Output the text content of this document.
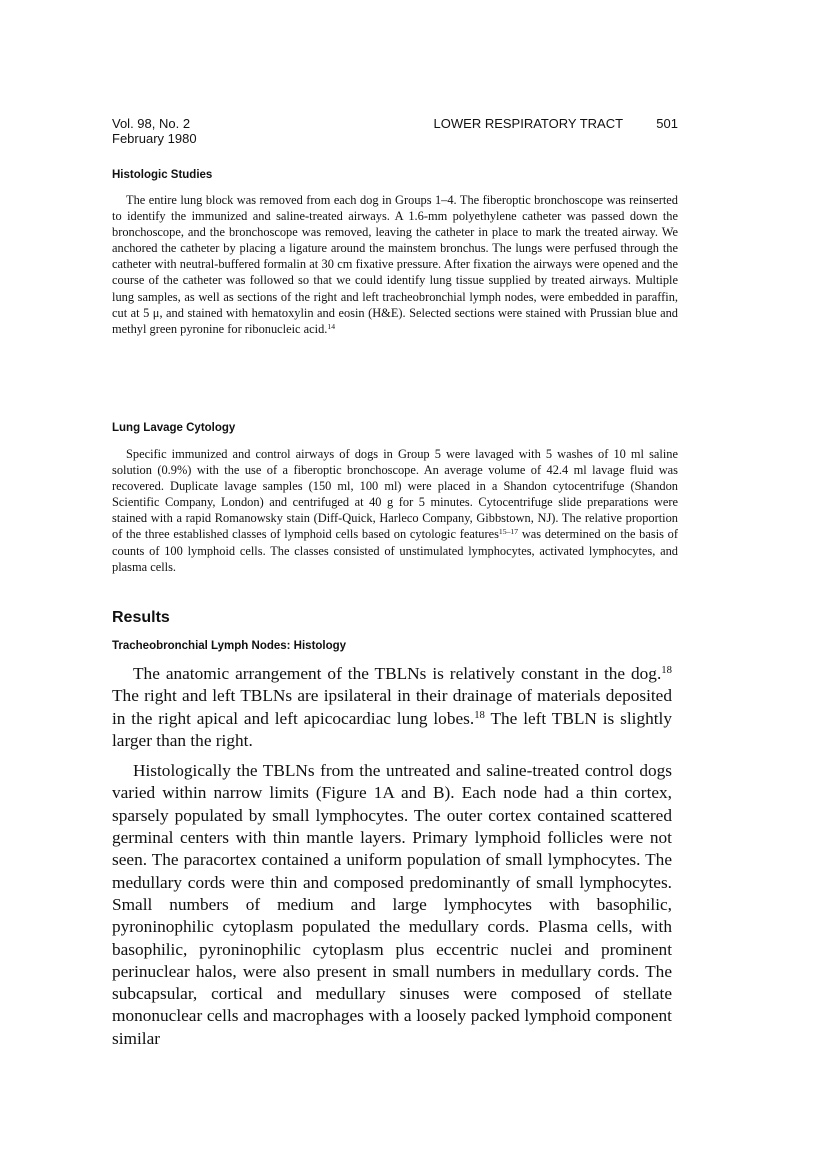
Vol. 98, No. 2
February 1980
LOWER RESPIRATORY TRACT	501
Histologic Studies

The entire lung block was removed from each dog in Groups 1–4. The fiberoptic bronchoscope was reinserted to identify the immunized and saline-treated airways. A 1.6-mm polyethylene catheter was passed down the bronchoscope, and the bronchoscope was removed, leaving the catheter in place to mark the treated airway. We anchored the catheter by placing a ligature around the mainstem bronchus. The lungs were perfused through the catheter with neutral-buffered formalin at 30 cm fixative pressure. After fixation the airways were opened and the course of the catheter was followed so that we could identify lung tissue supplied by treated airways. Multiple lung samples, as well as sections of the right and left tracheobronchial lymph nodes, were embedded in paraffin, cut at 5 μ, and stained with hematoxylin and eosin (H&E). Selected sections were stained with Prussian blue and methyl green pyronine for ribonucleic acid.$^{14}$

Lung Lavage Cytology

Specific immunized and control airways of dogs in Group 5 were lavaged with 5 washes of 10 ml saline solution (0.9%) with the use of a fiberoptic bronchoscope. An average volume of 42.4 ml lavage fluid was recovered. Duplicate lavage samples (150 ml, 100 ml) were placed in a Shandon cytocentrifuge (Shandon Scientific Company, London) and centrifuged at 40 g for 5 minutes. Cytocentrifuge slide preparations were stained with a rapid Romanowsky stain (Diff-Quick, Harleco Company, Gibbstown, NJ). The relative proportion of the three established classes of lymphoid cells based on cytologic features$^{15-17}$ was determined on the basis of counts of 100 lymphoid cells. The classes consisted of unstimulated lymphocytes, activated lymphocytes, and plasma cells.

Results
Tracheobronchial Lymph Nodes: Histology

The anatomic arrangement of the TBLNs is relatively constant in the dog.$^{18}$ The right and left TBLNs are ipsilateral in their drainage of materials deposited in the right apical and left apicocardiac lung lobes.$^{18}$ The left TBLN is slightly larger than the right.

Histologically the TBLNs from the untreated and saline-treated control dogs varied within narrow limits (Figure 1A and B). Each node had a thin cortex, sparsely populated by small lymphocytes. The outer cortex contained scattered germinal centers with thin mantle layers. Primary lymphoid follicles were not seen. The paracortex contained a uniform population of small lymphocytes. The medullary cords were thin and composed predominantly of small lymphocytes. Small numbers of medium and large lymphocytes with basophilic, pyroninophilic cytoplasm populated the medullary cords. Plasma cells, with basophilic, pyroninophilic cytoplasm plus eccentric nuclei and prominent perinuclear halos, were also present in small numbers in medullary cords. The subcapsular, cortical and medullary sinuses were composed of stellate mononuclear cells and macrophages with a loosely packed lymphoid component similar
